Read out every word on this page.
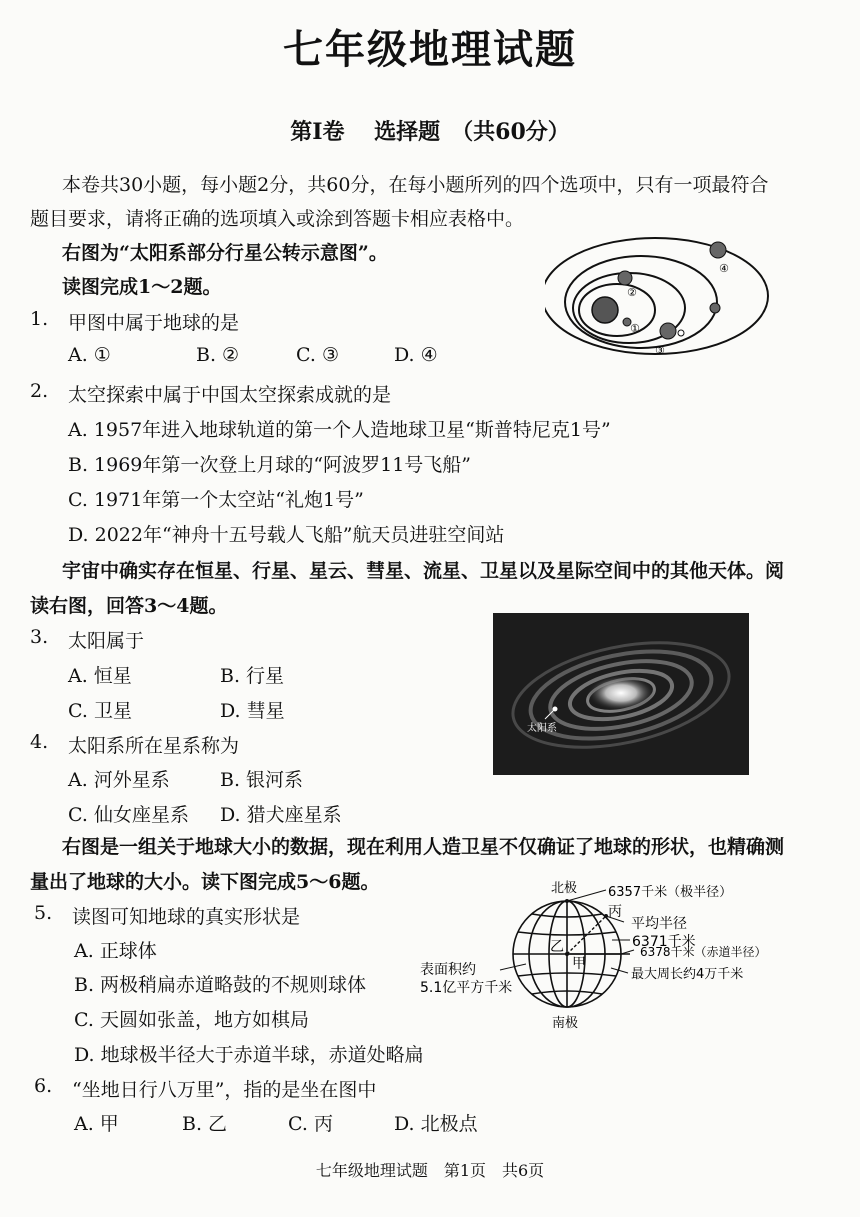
七年级地理试题
第I卷　 选择题　（共60分）
本卷共30小题，每小题2分，共60分，在每小题所列的四个选项中，只有一项最符合
题目要求，请将正确的选项填入或涂到答题卡相应表格中。
右图为“太阳系部分行星公转示意图”。
读图完成1～2题。
1. 甲图中属于地球的是
A. ①	B. ②	C. ③	D. ④
①
②
③
④
2. 太空探索中属于中国太空探索成就的是
A. 1957年进入地球轨道的第一个人造地球卫星“斯普特尼克1号”
B. 1969年第一次登上月球的“阿波罗11号飞船”
C. 1971年第一个太空站“礼炮1号”
D. 2022年“神舟十五号载人飞船”航天员进驻空间站
宇宙中确实存在恒星、行星、星云、彗星、流星、卫星以及星际空间中的其他天体。阅
读右图，回答3～4题。
3. 太阳属于
A. 恒星	B. 行星
C. 卫星	D. 彗星
太阳系
4. 太阳系所在星系称为
A. 河外星系	B. 银河系
C. 仙女座星系 D. 猎犬座星系
右图是一组关于地球大小的数据，现在利用人造卫星不仅确证了地球的形状，也精确测
量出了地球的大小。读下图完成5～6题。
5. 读图可知地球的真实形状是
A. 正球体
B. 两极稍扁赤道略鼓的不规则球体
C. 天圆如张盖，地方如棋局
D. 地球极半径大于赤道半球，赤道处略扁
北极
南极
6357千米（极半径）
丙
平均半径
6371千米
6378千米（赤道半径）
乙
甲
最大周长约4万千米
表面积约
5.1亿平方千米
6. “坐地日行八万里”，指的是坐在图中
A. 甲	B. 乙	C. 丙	D. 北极点
七年级地理试题　第1页　共6页
